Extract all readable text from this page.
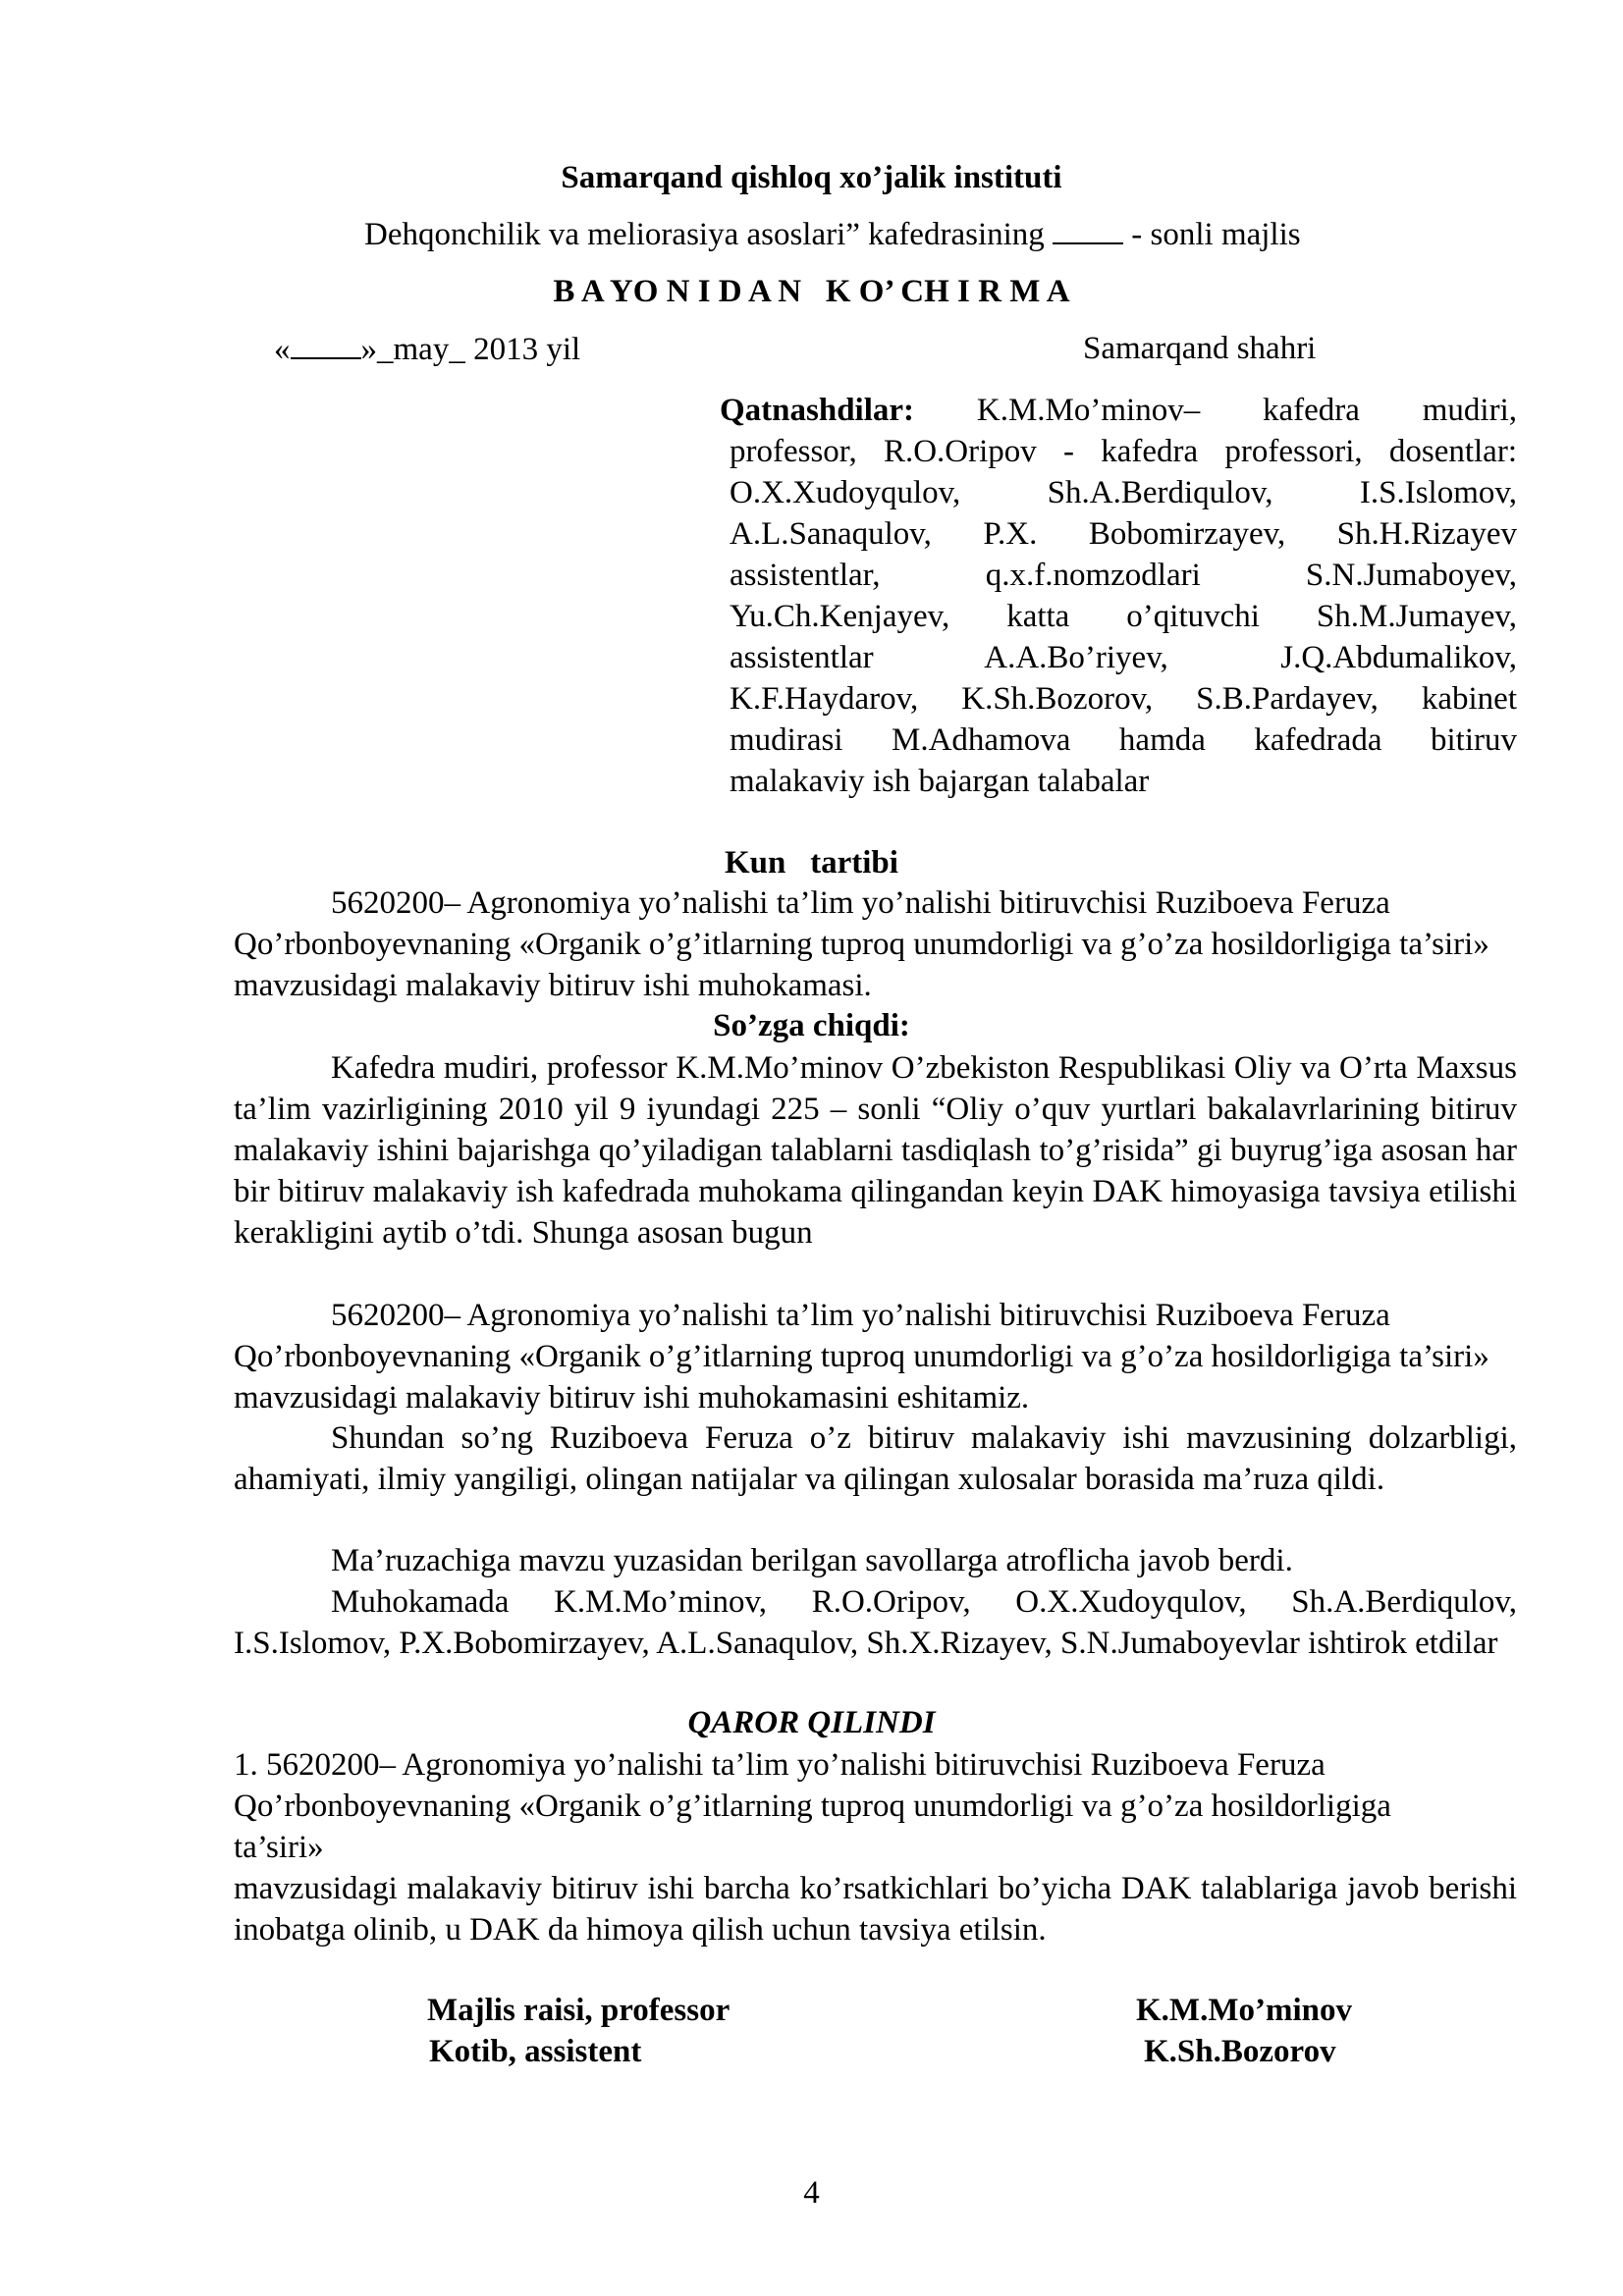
Samarqand qishloq xo’jalik instituti
Dehqonchilik va meliorasiya asoslari” kafedrasining	- sonli majlis
B A YO N I D A N   K O’ CH I R M A
« »_may_ 2013 yil	Samarqand shahri
Qatnashdilar: K.M.Mo’minov– kafedra mudiri,
professor, R.O.Oripov - kafedra professori, dosentlar:
O.X.Xudoyqulov, Sh.A.Berdiqulov, I.S.Islomov,
A.L.Sanaqulov, P.X. Bobomirzayev, Sh.H.Rizayev
assistentlar, q.x.f.nomzodlari S.N.Jumaboyev,
Yu.Ch.Kenjayev, katta o’qituvchi Sh.M.Jumayev,
assistentlar A.A.Bo’riyev, J.Q.Abdumalikov,
K.F.Haydarov, K.Sh.Bozorov, S.B.Pardayev, kabinet
mudirasi M.Adhamova hamda kafedrada bitiruv
malakaviy ish bajargan talabalar
Kun   tartibi

5620200– Agronomiya yo’nalishi ta’lim yo’nalishi bitiruvchisi Ruziboeva Feruza Qo’rbonboyevnaning «Organik o’g’itlarning tuproq unumdorligi va g’o’za hosildorligiga ta’siri» mavzusidagi malakaviy bitiruv ishi muhokamasi.

So’zga chiqdi:

Kafedra mudiri, professor K.M.Mo’minov O’zbekiston Respublikasi Oliy va O’rta Maxsus ta’lim vazirligining 2010 yil 9 iyundagi 225 – sonli “Oliy o’quv yurtlari bakalavrlarining bitiruv malakaviy ishini bajarishga qo’yiladigan talablarni tasdiqlash to’g’risida” gi buyrug’iga asosan har bir bitiruv malakaviy ish kafedrada muhokama qilingandan keyin DAK himoyasiga tavsiya etilishi kerakligini aytib o’tdi. Shunga asosan bugun

5620200– Agronomiya yo’nalishi ta’lim yo’nalishi bitiruvchisi Ruziboeva Feruza Qo’rbonboyevnaning «Organik o’g’itlarning tuproq unumdorligi va g’o’za hosildorligiga ta’siri» mavzusidagi malakaviy bitiruv ishi muhokamasini eshitamiz.

Shundan so’ng Ruziboeva Feruza o’z bitiruv malakaviy ishi mavzusining dolzarbligi, ahamiyati, ilmiy yangiligi, olingan natijalar va qilingan xulosalar borasida ma’ruza qildi.

Ma’ruzachiga mavzu yuzasidan berilgan savollarga atroflicha javob berdi.

Muhokamada K.M.Mo’minov, R.O.Oripov, O.X.Xudoyqulov, Sh.A.Berdiqulov, I.S.Islomov, P.X.Bobomirzayev, A.L.Sanaqulov, Sh.X.Rizayev, S.N.Jumaboyevlar ishtirok etdilar

QAROR QILINDI
1. 5620200– Agronomiya yo’nalishi ta’lim yo’nalishi bitiruvchisi Ruziboeva Feruza
Qo’rbonboyevnaning «Organik o’g’itlarning tuproq unumdorligi va g’o’za hosildorligiga
ta’siri»

mavzusidagi malakaviy bitiruv ishi barcha ko’rsatkichlari bo’yicha DAK talablariga javob berishi inobatga olinib, u DAK da himoya qilish uchun tavsiya etilsin.

Majlis raisi, professor	K.M.Mo’minov
Kotib, assistent	K.Sh.Bozorov
4
